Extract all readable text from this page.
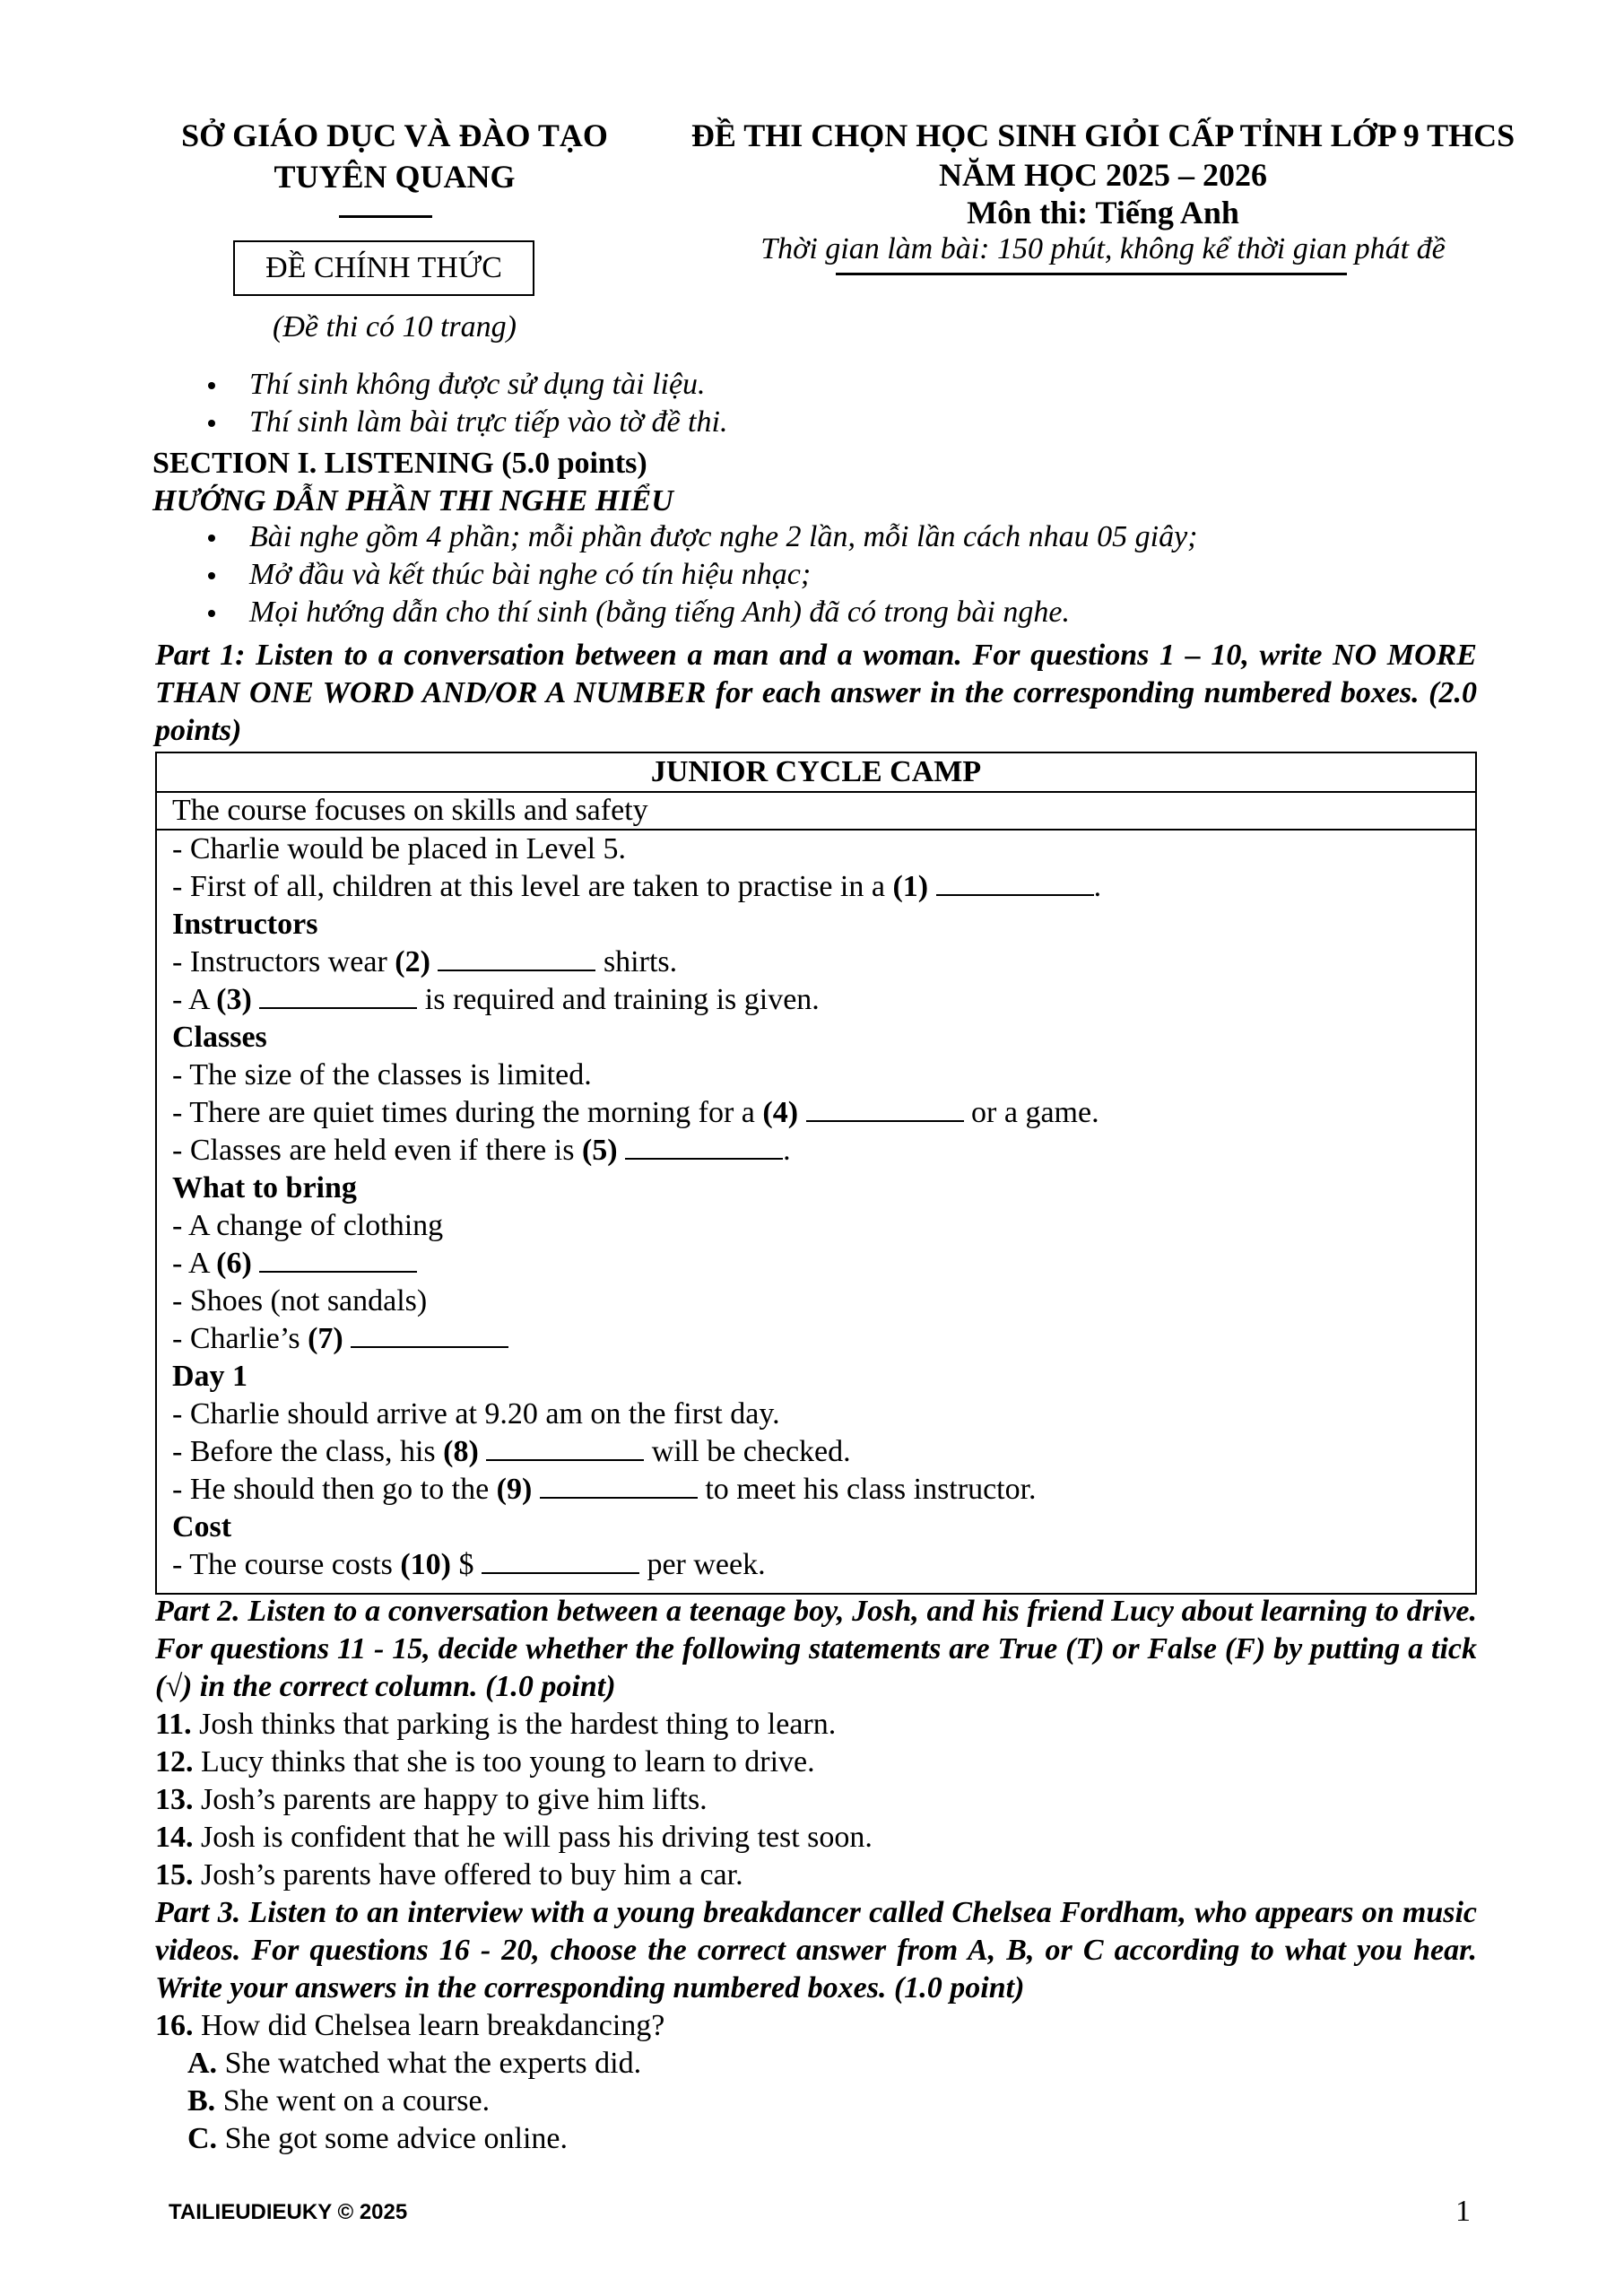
SỞ GIÁO DỤC VÀ ĐÀO TẠO
TUYÊN QUANG
ĐỀ CHÍNH THỨC
(Đề thi có 10 trang)
ĐỀ THI CHỌN HỌC SINH GIỎI CẤP TỈNH LỚP 9 THCS
NĂM HỌC 2025 – 2026
Môn thi: Tiếng Anh
Thời gian làm bài: 150 phút, không kể thời gian phát đề
Thí sinh không được sử dụng tài liệu.
Thí sinh làm bài trực tiếp vào tờ đề thi.
SECTION I. LISTENING (5.0 points)
HƯỚNG DẪN PHẦN THI NGHE HIỂU
Bài nghe gồm 4 phần; mỗi phần được nghe 2 lần, mỗi lần cách nhau 05 giây;
Mở đầu và kết thúc bài nghe có tín hiệu nhạc;
Mọi hướng dẫn cho thí sinh (bằng tiếng Anh) đã có trong bài nghe.
Part 1: Listen to a conversation between a man and a woman. For questions 1 – 10, write NO MORE THAN ONE WORD AND/OR A NUMBER for each answer in the corresponding numbered boxes. (2.0 points)
JUNIOR CYCLE CAMP
The course focuses on skills and safety
- Charlie would be placed in Level 5.
- First of all, children at this level are taken to practise in a (1)	.
Instructors
- Instructors wear (2)	shirts.
- A (3)	is required and training is given.
Classes
- The size of the classes is limited.
- There are quiet times during the morning for a (4)	or a game.
- Classes are held even if there is (5)	.
What to bring
- A change of clothing
- A (6)
- Shoes (not sandals)
- Charlie’s (7)
Day 1
- Charlie should arrive at 9.20 am on the first day.
- Before the class, his (8)	will be checked.
- He should then go to the (9)	to meet his class instructor.
Cost
- The course costs (10) $	per week.
Part 2. Listen to a conversation between a teenage boy, Josh, and his friend Lucy about learning to drive. For questions 11 - 15, decide whether the following statements are True (T) or False (F) by putting a tick (√) in the correct column. (1.0 point)
11. Josh thinks that parking is the hardest thing to learn.
12. Lucy thinks that she is too young to learn to drive.
13. Josh’s parents are happy to give him lifts.
14. Josh is confident that he will pass his driving test soon.
15. Josh’s parents have offered to buy him a car.
Part 3. Listen to an interview with a young breakdancer called Chelsea Fordham, who appears on music videos. For questions 16 - 20, choose the correct answer from A, B, or C according to what you hear. Write your answers in the corresponding numbered boxes. (1.0 point)
16. How did Chelsea learn breakdancing?
A. She watched what the experts did.
B. She went on a course.
C. She got some advice online.
TAILIEUDIEUKY © 2025	1
